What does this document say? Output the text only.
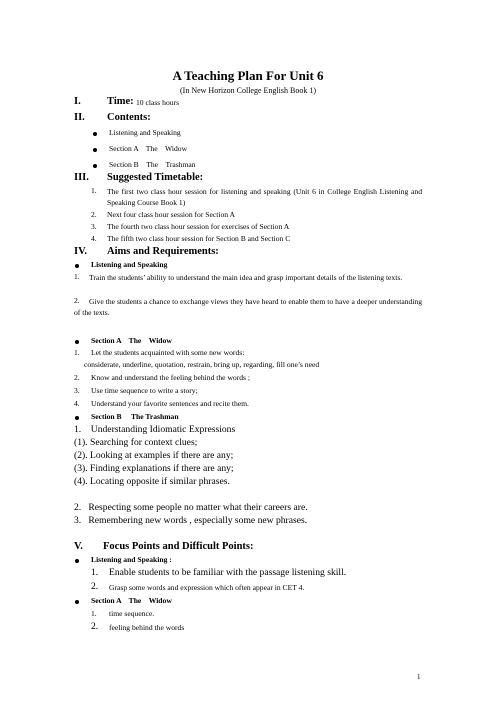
A Teaching Plan For Unit 6
(In New Horizon College English Book 1)
I.	Time: 10 class hours
II. Contents:
Listening and Speaking
Section A    The    Widow
Section B    The    Trashman
III. Suggested Timetable:
1. The first two class hour session for listening and speaking (Unit 6 in College English Listening and Speaking Course Book 1)
2. Next four class hour session for Section A
3. The fourth two class hour session for exercises of Section A
4. The fifth two class hour session for Section B and Section C
IV. Aims and Requirements:
Listening and Speaking
1.	Train the students’ ability to understand the main idea and grasp important details of the listening texts.
2.	Give the students a chance to exchange views they have heard to enable them to have a deeper understanding of the texts.
Section A    The    Widow
1. Let the students acquainted with some new words:
considerate, underline, quotation, restrain, bring up, regarding, fill one’s need
2. Know and understand the feeling behind the words ;
3. Use time sequence to write a story;
4. Understand your favorite sentences and recite them.
Section B     The Trashman
1.    Understanding Idiomatic Expressions
(1). Searching for context clues;
(2). Looking at examples if there are any;
(3). Finding explanations if there are any;
(4). Locating opposite if similar phrases.
2.   Respecting some people no matter what their careers are.
3.   Remembering new words , especially some new phrases.
V. Focus Points and Difficult Points:
Listening and Speaking :
1. Enable students to be familiar with the passage listening skill.
2. Grasp some words and expression which often appear in CET 4.
Section A    The    Widow
1. time sequence.
2. feeling behind the words
1
